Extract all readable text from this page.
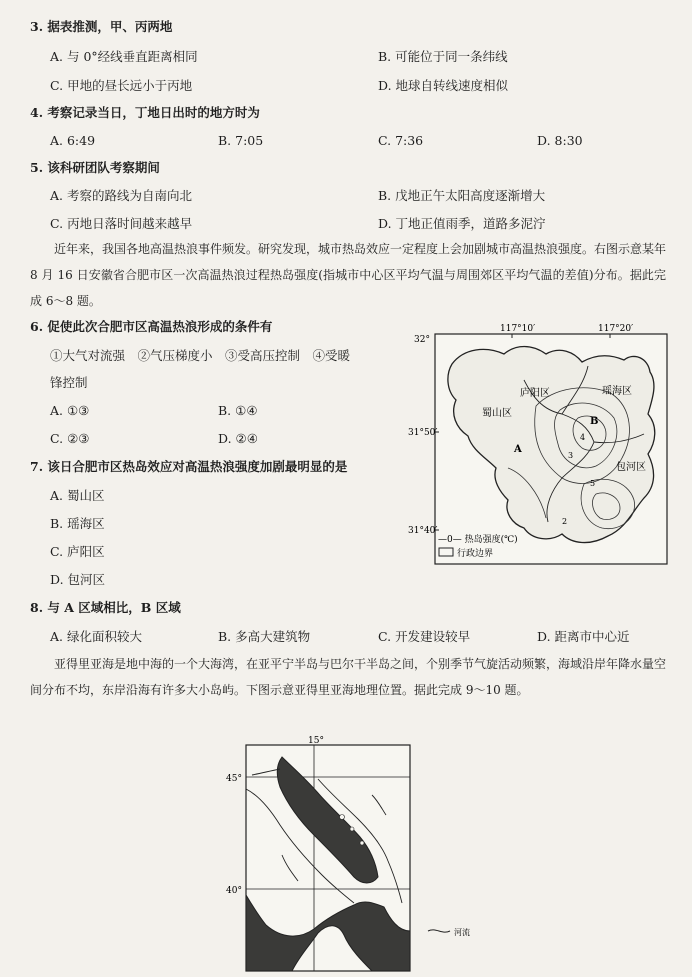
3. 据表推测，甲、丙两地
A. 与 0°经线垂直距离相同	B. 可能位于同一条纬线
C. 甲地的昼长远小于丙地	D. 地球自转线速度相似
4. 考察记录当日，丁地日出时的地方时为
A. 6:49	B. 7:05	C. 7:36	D. 8:30
5. 该科研团队考察期间
A. 考察的路线为自南向北	B. 戊地正午太阳高度逐渐增大
C. 丙地日落时间越来越早	D. 丁地正值雨季，道路多泥泞
近年来，我国各地高温热浪事件频发。研究发现，城市热岛效应一定程度上会加剧城市高温热浪强度。右图示意某年 8 月 16 日安徽省合肥市区一次高温热浪过程热岛强度(指城市中心区平均气温与周围郊区平均气温的差值)分布。据此完成 6～8 题。
6. 促使此次合肥市区高温热浪形成的条件有
①大气对流强　②气压梯度小　③受高压控制　④受暖
锋控制
A. ①③	B. ①④
C. ②③	D. ②④
7. 该日合肥市区热岛效应对高温热浪强度加剧最明显的是
A. 蜀山区
B. 瑶海区
C. 庐阳区
D. 包河区
8. 与 A 区域相比，B 区域
A. 绿化面积较大	B. 多高大建筑物	C. 开发建设较早	D. 距离市中心近
亚得里亚海是地中海的一个大海湾，在亚平宁半岛与巴尔干半岛之间，个别季节气旋活动频繁，海域沿岸年降水量空间分布不均，东岸沿海有许多大小岛屿。下图示意亚得里亚海地理位置。据此完成 9～10 题。
117°10′	117°20′
32°
31°50′
31°40′
庐阳区	瑶海区
蜀山区
包河区
A
B
3
4
5
2
—0— 热岛强度(℃)
行政边界
15°
45°
40°
河流
